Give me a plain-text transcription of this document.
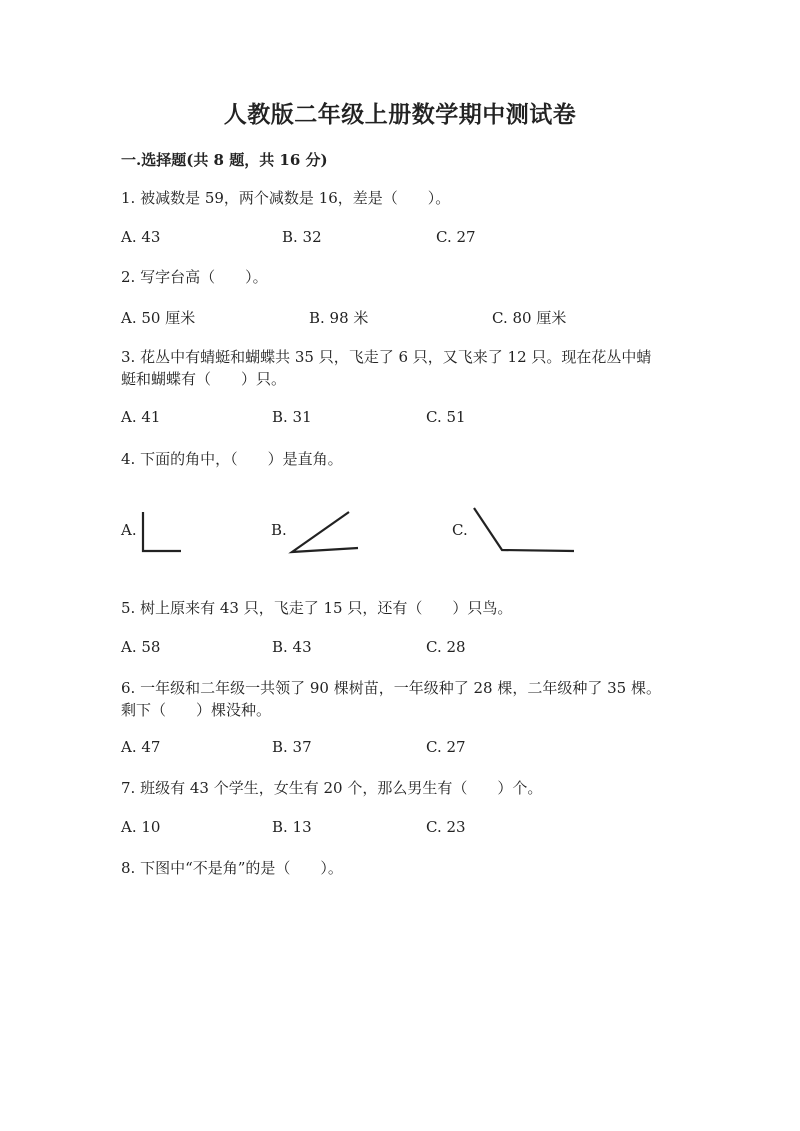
人教版二年级上册数学期中测试卷
一.选择题(共 8 题，共 16 分)
1. 被减数是 59，两个减数是 16，差是（　　）。
A. 43	B. 32	C. 27
2. 写字台高（　　）。
A. 50 厘米	B. 98 米	C. 80 厘米
3. 花丛中有蜻蜓和蝴蝶共 35 只，飞走了 6 只，又飞来了 12 只。现在花丛中蜻
蜓和蝴蝶有（　　）只。
A. 41	B. 31	C. 51
4. 下面的角中，（　　）是直角。
A.	B.	C.
5. 树上原来有 43 只，飞走了 15 只，还有（　　）只鸟。
A. 58	B. 43	C. 28
6. 一年级和二年级一共领了 90 棵树苗，一年级种了 28 棵，二年级种了 35 棵。
剩下（　　）棵没种。
A. 47	B. 37	C. 27
7. 班级有 43 个学生，女生有 20 个，那么男生有（　　）个。
A. 10	B. 13	C. 23
8. 下图中“不是角”的是（　　）。
